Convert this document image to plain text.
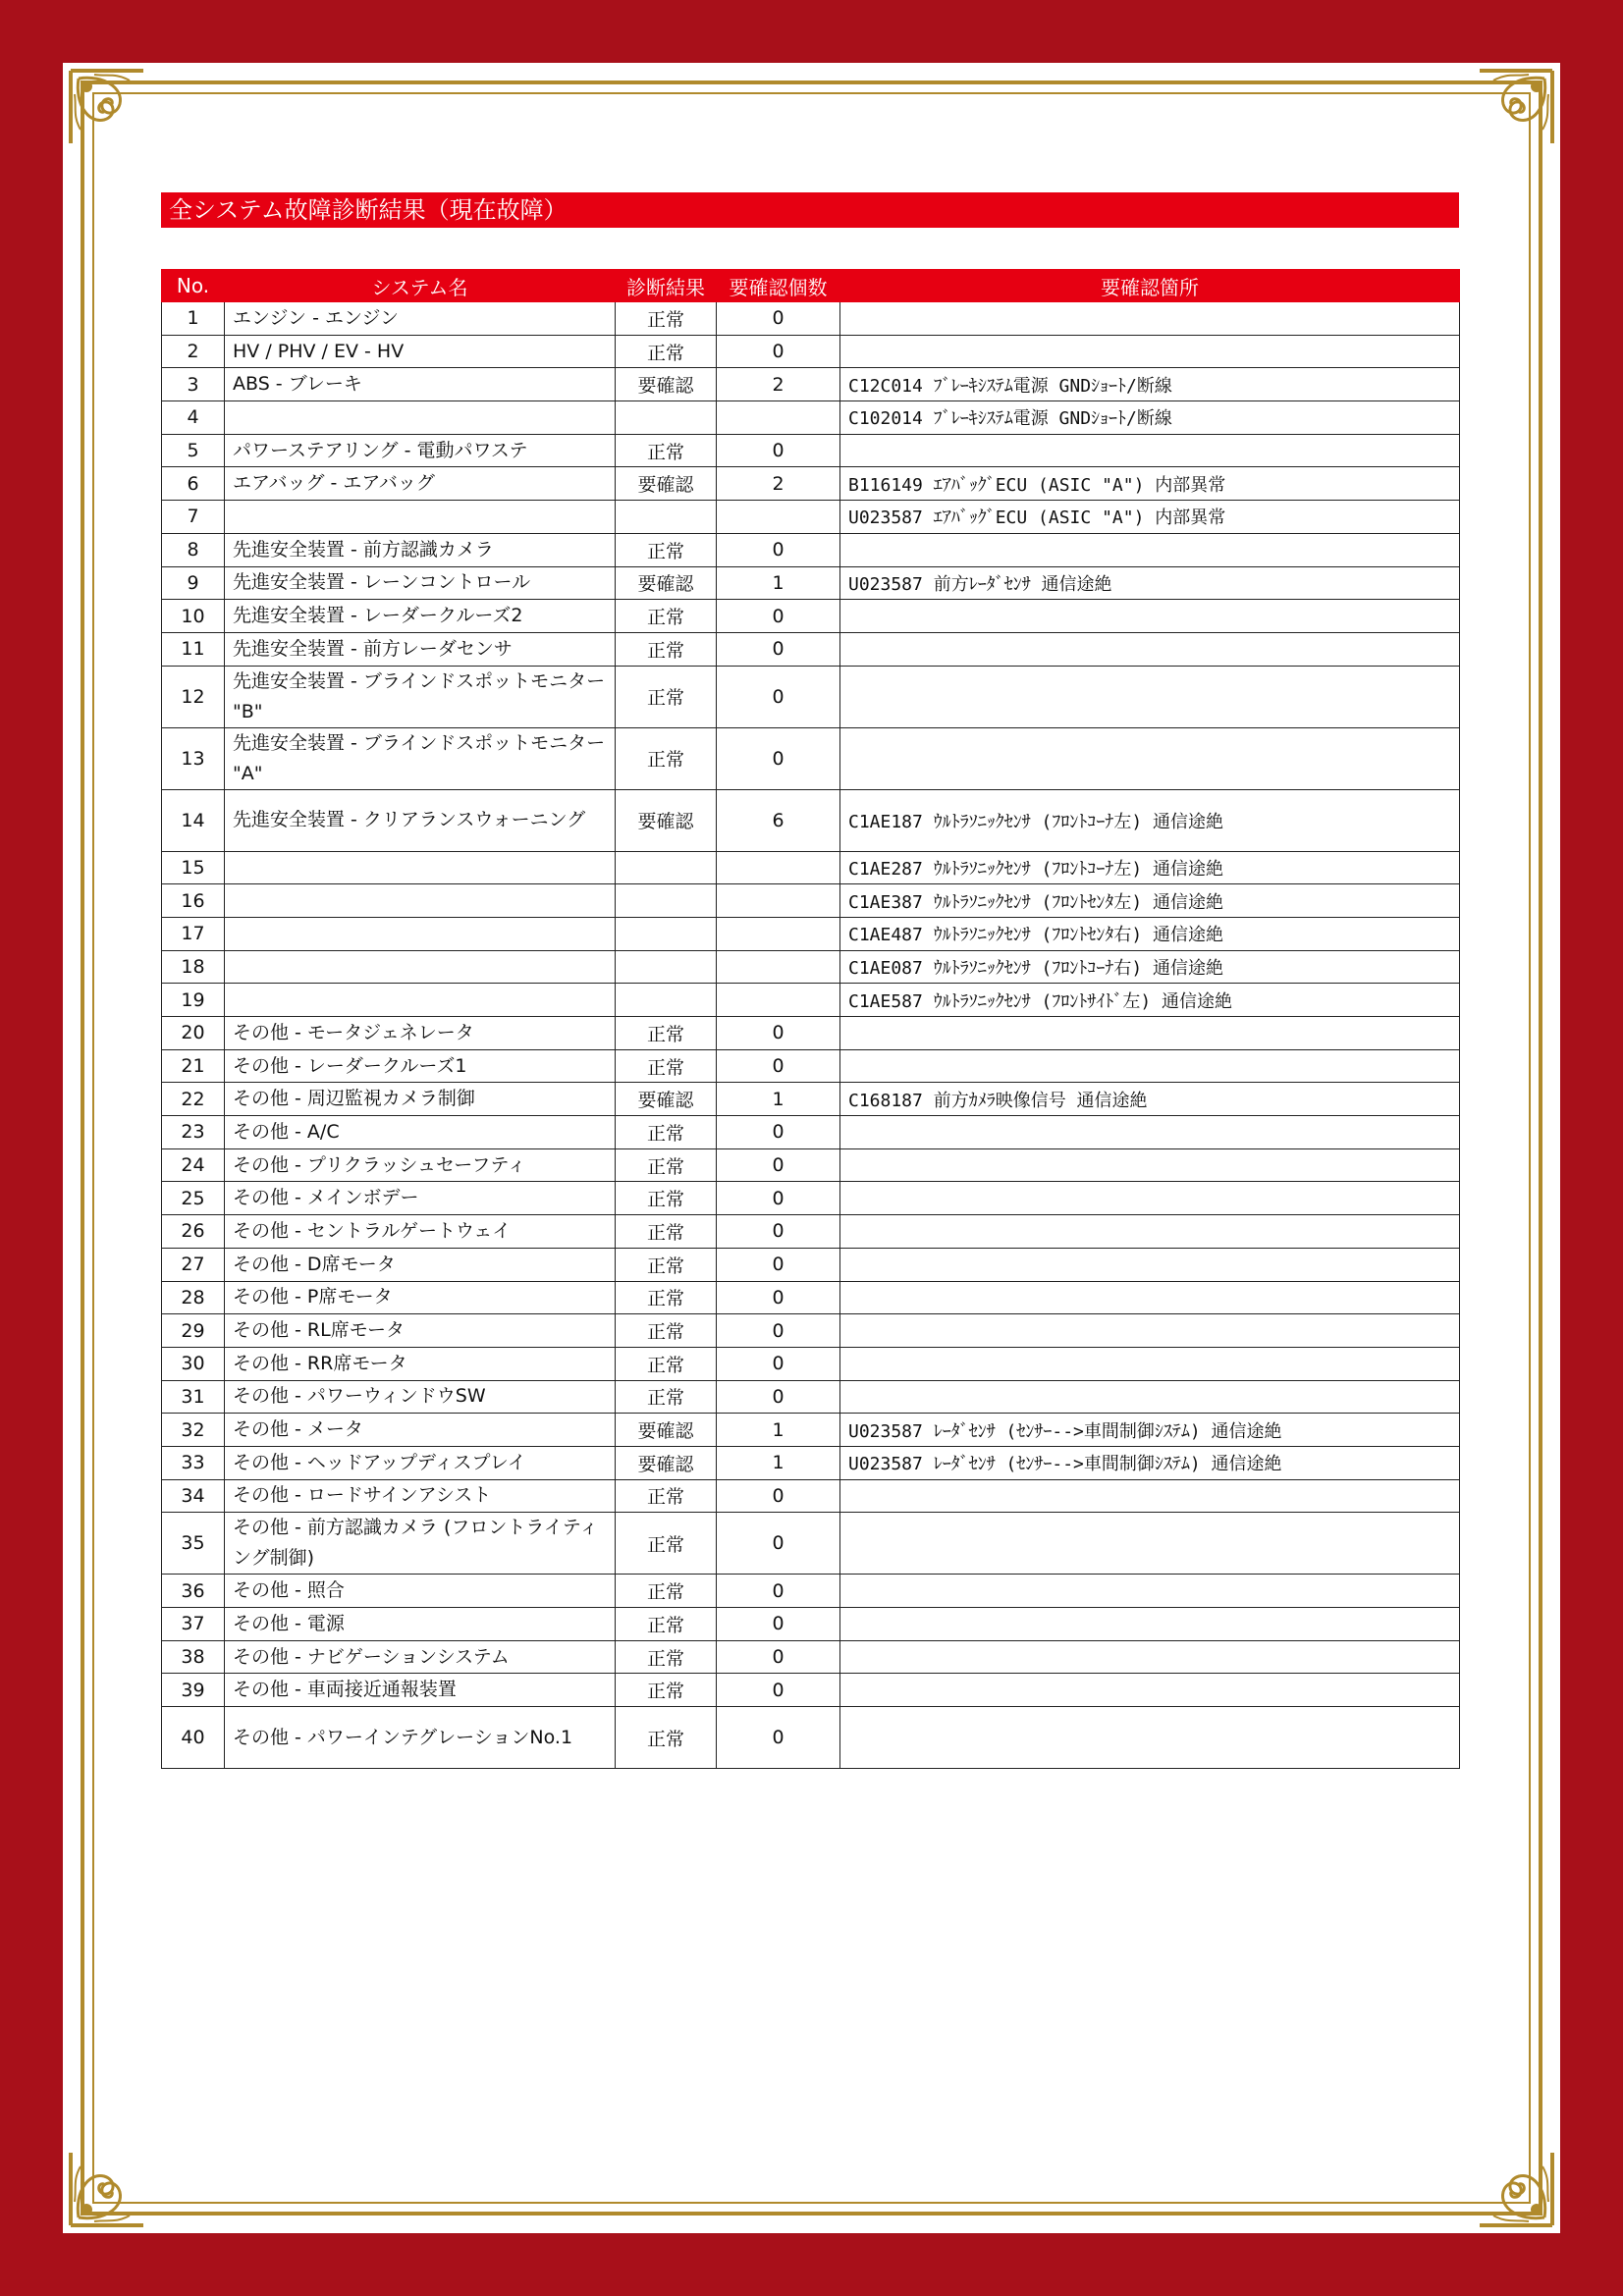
全システム故障診断結果（現在故障）
No.	システム名	診断結果	要確認個数	要確認箇所
1	エンジン - エンジン	正常	0	
2	HV / PHV / EV - HV	正常	0	
3	ABS - ブレーキ	要確認	2	C12C014 ﾌﾞﾚｰｷｼｽﾃﾑ電源 GNDｼｮｰﾄ/断線
4				C102014 ﾌﾞﾚｰｷｼｽﾃﾑ電源 GNDｼｮｰﾄ/断線
5	パワーステアリング - 電動パワステ	正常	0	
6	エアバッグ - エアバッグ	要確認	2	B116149 ｴｱﾊﾞｯｸﾞECU (ASIC "A") 内部異常
7				U023587 ｴｱﾊﾞｯｸﾞECU (ASIC "A") 内部異常
8	先進安全装置 - 前方認識カメラ	正常	0	
9	先進安全装置 - レーンコントロール	要確認	1	U023587 前方ﾚｰﾀﾞｾﾝｻ 通信途絶
10	先進安全装置 - レーダークルーズ2	正常	0	
11	先進安全装置 - 前方レーダセンサ	正常	0	
12	先進安全装置 - ブラインドスポットモニター "B"	正常	0	
13	先進安全装置 - ブラインドスポットモニター "A"	正常	0	
14	先進安全装置 - クリアランスウォーニング	要確認	6	C1AE187 ｳﾙﾄﾗｿﾆｯｸｾﾝｻ (ﾌﾛﾝﾄｺｰﾅ左) 通信途絶
15				C1AE287 ｳﾙﾄﾗｿﾆｯｸｾﾝｻ (ﾌﾛﾝﾄｺｰﾅ左) 通信途絶
16				C1AE387 ｳﾙﾄﾗｿﾆｯｸｾﾝｻ (ﾌﾛﾝﾄｾﾝﾀ左) 通信途絶
17				C1AE487 ｳﾙﾄﾗｿﾆｯｸｾﾝｻ (ﾌﾛﾝﾄｾﾝﾀ右) 通信途絶
18				C1AE087 ｳﾙﾄﾗｿﾆｯｸｾﾝｻ (ﾌﾛﾝﾄｺｰﾅ右) 通信途絶
19				C1AE587 ｳﾙﾄﾗｿﾆｯｸｾﾝｻ (ﾌﾛﾝﾄｻｲﾄﾞ左) 通信途絶
20	その他 - モータジェネレータ	正常	0	
21	その他 - レーダークルーズ1	正常	0	
22	その他 - 周辺監視カメラ制御	要確認	1	C168187 前方ｶﾒﾗ映像信号 通信途絶
23	その他 - A/C	正常	0	
24	その他 - プリクラッシュセーフティ	正常	0	
25	その他 - メインボデー	正常	0	
26	その他 - セントラルゲートウェイ	正常	0	
27	その他 - D席モータ	正常	0	
28	その他 - P席モータ	正常	0	
29	その他 - RL席モータ	正常	0	
30	その他 - RR席モータ	正常	0	
31	その他 - パワーウィンドウSW	正常	0	
32	その他 - メータ	要確認	1	U023587 ﾚｰﾀﾞｾﾝｻ (ｾﾝｻｰ-->車間制御ｼｽﾃﾑ) 通信途絶
33	その他 - ヘッドアップディスプレイ	要確認	1	U023587 ﾚｰﾀﾞｾﾝｻ (ｾﾝｻｰ-->車間制御ｼｽﾃﾑ) 通信途絶
34	その他 - ロードサインアシスト	正常	0	
35	その他 - 前方認識カメラ (フロントライティング制御)	正常	0	
36	その他 - 照合	正常	0	
37	その他 - 電源	正常	0	
38	その他 - ナビゲーションシステム	正常	0	
39	その他 - 車両接近通報装置	正常	0	
40	その他 - パワーインテグレーションNo.1	正常	0	
